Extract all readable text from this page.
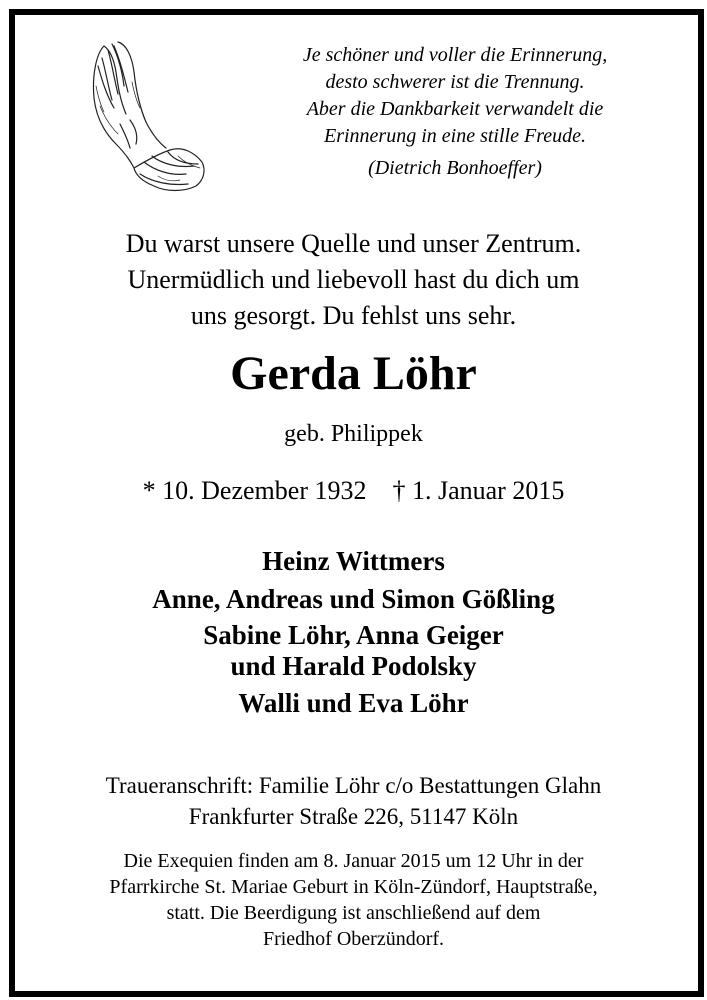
Je schöner und voller die Erinnerung,
desto schwerer ist die Trennung.
Aber die Dankbarkeit verwandelt die
Erinnerung in eine stille Freude.
(Dietrich Bonhoeffer)
Du warst unsere Quelle und unser Zentrum.
Unermüdlich und liebevoll hast du dich um
uns gesorgt. Du fehlst uns sehr.
Gerda Löhr
geb. Philippek
* 10. Dezember 1932    † 1. Januar 2015
Heinz Wittmers
Anne, Andreas und Simon Gößling
Sabine Löhr, Anna Geiger
und Harald Podolsky
Walli und Eva Löhr
Traueranschrift: Familie Löhr c/o Bestattungen Glahn
Frankfurter Straße 226, 51147 Köln
Die Exequien finden am 8. Januar 2015 um 12 Uhr in der
Pfarrkirche St. Mariae Geburt in Köln-Zündorf, Hauptstraße,
statt. Die Beerdigung ist anschließend auf dem
Friedhof Oberzündorf.
